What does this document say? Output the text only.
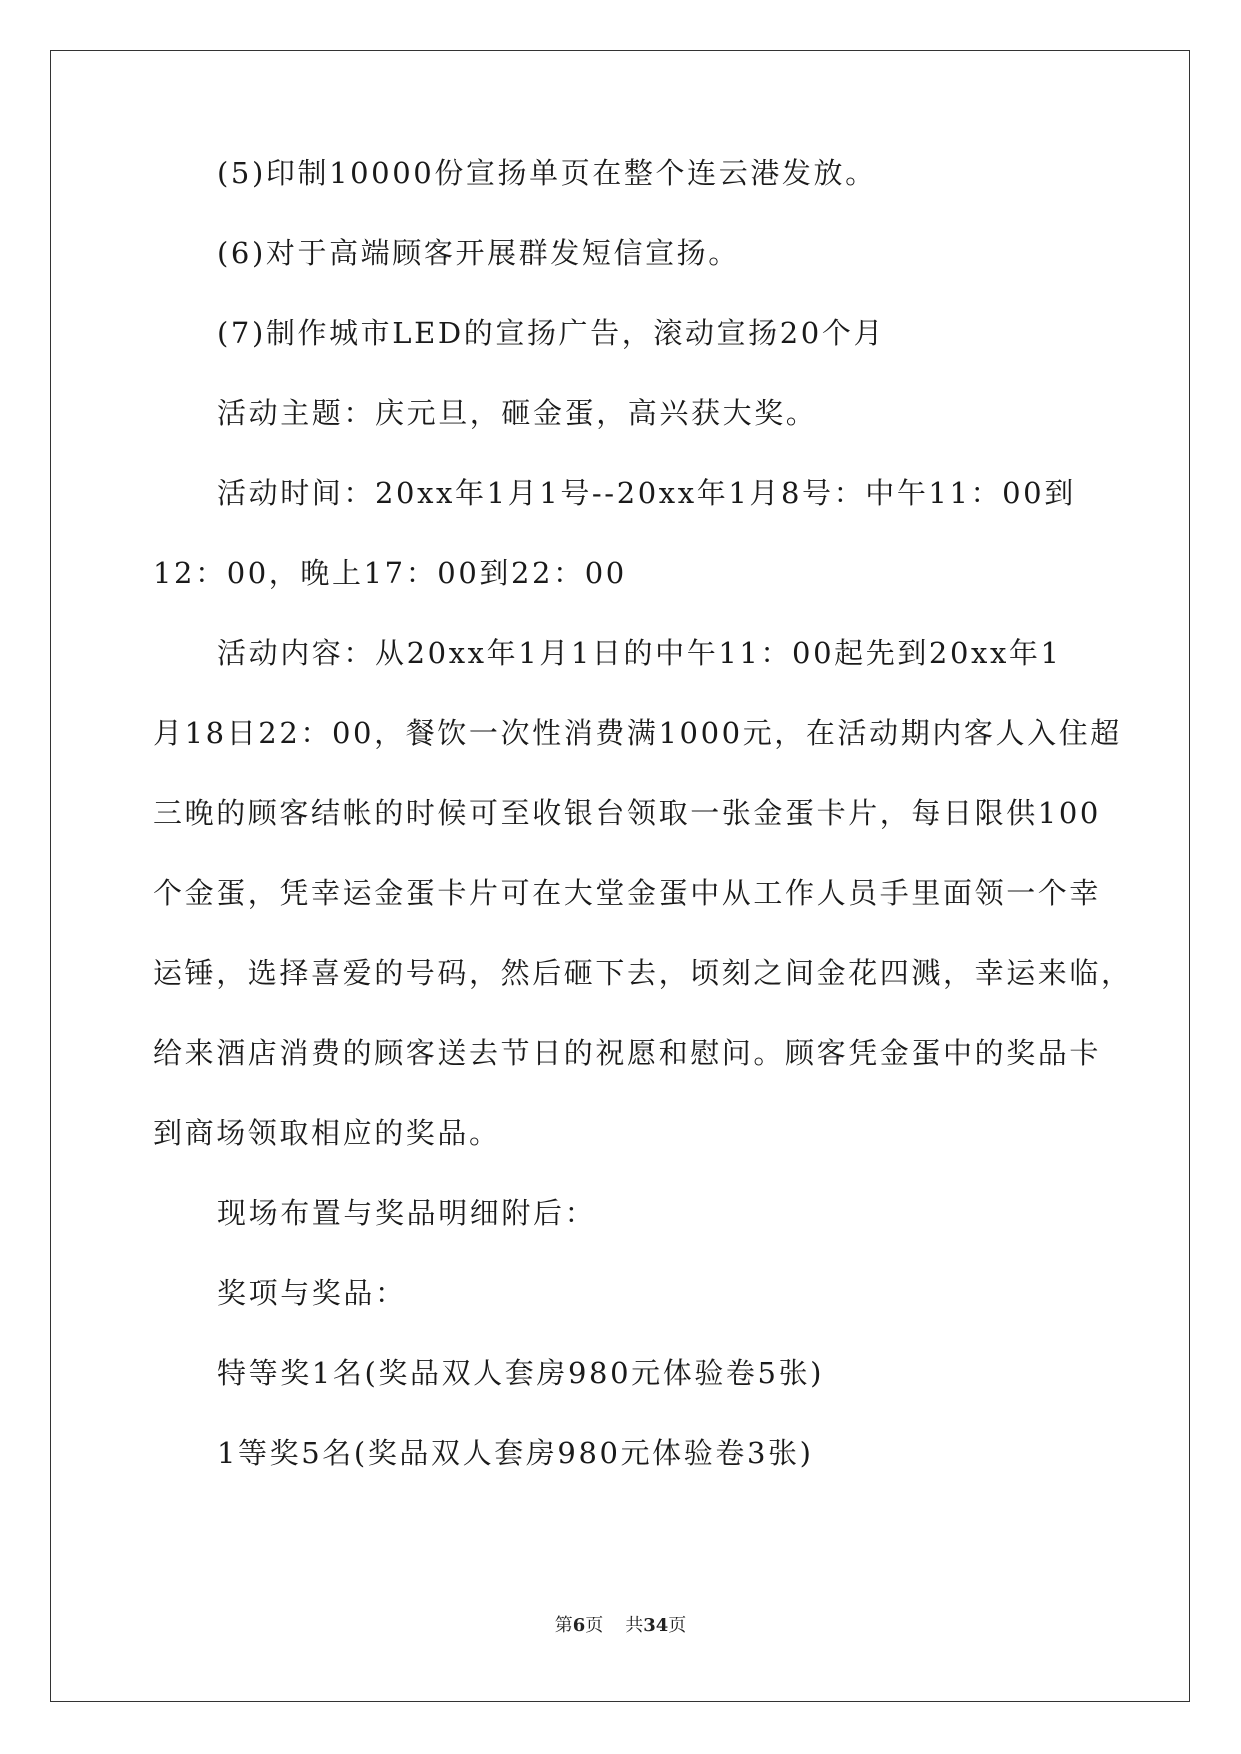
(5)印制10000份宣扬单页在整个连云港发放。
(6)对于高端顾客开展群发短信宣扬。
(7)制作城市LED的宣扬广告，滚动宣扬20个月
活动主题：庆元旦，砸金蛋，高兴获大奖。
活动时间：20xx年1月1号--20xx年1月8号：中午11：00到
12：00，晚上17：00到22：00
活动内容：从20xx年1月1日的中午11：00起先到20xx年1
月18日22：00，餐饮一次性消费满1000元，在活动期内客人入住超
三晚的顾客结帐的时候可至收银台领取一张金蛋卡片，每日限供100
个金蛋，凭幸运金蛋卡片可在大堂金蛋中从工作人员手里面领一个幸
运锤，选择喜爱的号码，然后砸下去，顷刻之间金花四溅，幸运来临，
给来酒店消费的顾客送去节日的祝愿和慰问。顾客凭金蛋中的奖品卡
到商场领取相应的奖品。
现场布置与奖品明细附后：
奖项与奖品：
特等奖1名(奖品双人套房980元体验卷5张)
1等奖5名(奖品双人套房980元体验卷3张)
第6页 共34页
